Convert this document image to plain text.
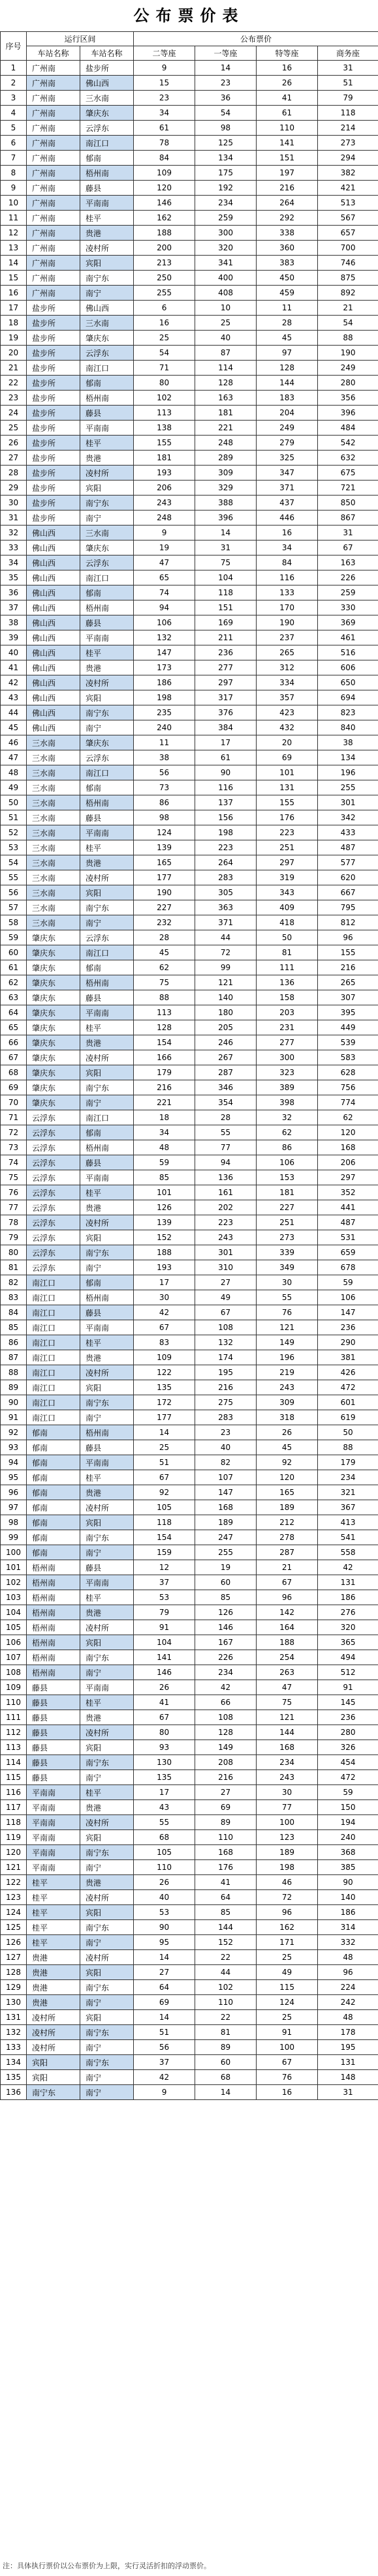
公布票价表
序号	运行区间		公布票价			
	车站名称	车站名称	二等座	一等座	特等座	商务座
1	广州南	盐步所	9	14	16	31
2	广州南	佛山西	15	23	26	51
3	广州南	三水南	23	36	41	79
4	广州南	肇庆东	34	54	61	118
5	广州南	云浮东	61	98	110	214
6	广州南	南江口	78	125	141	273
7	广州南	郁南	84	134	151	294
8	广州南	梧州南	109	175	197	382
9	广州南	藤县	120	192	216	421
10	广州南	平南南	146	234	264	513
11	广州南	桂平	162	259	292	567
12	广州南	贵港	188	300	338	657
13	广州南	凌村所	200	320	360	700
14	广州南	宾阳	213	341	383	746
15	广州南	南宁东	250	400	450	875
16	广州南	南宁	255	408	459	892
17	盐步所	佛山西	6	10	11	21
18	盐步所	三水南	16	25	28	54
19	盐步所	肇庆东	25	40	45	88
20	盐步所	云浮东	54	87	97	190
21	盐步所	南江口	71	114	128	249
22	盐步所	郁南	80	128	144	280
23	盐步所	梧州南	102	163	183	356
24	盐步所	藤县	113	181	204	396
25	盐步所	平南南	138	221	249	484
26	盐步所	桂平	155	248	279	542
27	盐步所	贵港	181	289	325	632
28	盐步所	凌村所	193	309	347	675
29	盐步所	宾阳	206	329	371	721
30	盐步所	南宁东	243	388	437	850
31	盐步所	南宁	248	396	446	867
32	佛山西	三水南	9	14	16	31
33	佛山西	肇庆东	19	31	34	67
34	佛山西	云浮东	47	75	84	163
35	佛山西	南江口	65	104	116	226
36	佛山西	郁南	74	118	133	259
37	佛山西	梧州南	94	151	170	330
38	佛山西	藤县	106	169	190	369
39	佛山西	平南南	132	211	237	461
40	佛山西	桂平	147	236	265	516
41	佛山西	贵港	173	277	312	606
42	佛山西	凌村所	186	297	334	650
43	佛山西	宾阳	198	317	357	694
44	佛山西	南宁东	235	376	423	823
45	佛山西	南宁	240	384	432	840
46	三水南	肇庆东	11	17	20	38
47	三水南	云浮东	38	61	69	134
48	三水南	南江口	56	90	101	196
49	三水南	郁南	73	116	131	255
50	三水南	梧州南	86	137	155	301
51	三水南	藤县	98	156	176	342
52	三水南	平南南	124	198	223	433
53	三水南	桂平	139	223	251	487
54	三水南	贵港	165	264	297	577
55	三水南	凌村所	177	283	319	620
56	三水南	宾阳	190	305	343	667
57	三水南	南宁东	227	363	409	795
58	三水南	南宁	232	371	418	812
59	肇庆东	云浮东	28	44	50	96
60	肇庆东	南江口	45	72	81	155
61	肇庆东	郁南	62	99	111	216
62	肇庆东	梧州南	75	121	136	265
63	肇庆东	藤县	88	140	158	307
64	肇庆东	平南南	113	180	203	395
65	肇庆东	桂平	128	205	231	449
66	肇庆东	贵港	154	246	277	539
67	肇庆东	凌村所	166	267	300	583
68	肇庆东	宾阳	179	287	323	628
69	肇庆东	南宁东	216	346	389	756
70	肇庆东	南宁	221	354	398	774
71	云浮东	南江口	18	28	32	62
72	云浮东	郁南	34	55	62	120
73	云浮东	梧州南	48	77	86	168
74	云浮东	藤县	59	94	106	206
75	云浮东	平南南	85	136	153	297
76	云浮东	桂平	101	161	181	352
77	云浮东	贵港	126	202	227	441
78	云浮东	凌村所	139	223	251	487
79	云浮东	宾阳	152	243	273	531
80	云浮东	南宁东	188	301	339	659
81	云浮东	南宁	193	310	349	678
82	南江口	郁南	17	27	30	59
83	南江口	梧州南	30	49	55	106
84	南江口	藤县	42	67	76	147
85	南江口	平南南	67	108	121	236
86	南江口	桂平	83	132	149	290
87	南江口	贵港	109	174	196	381
88	南江口	凌村所	122	195	219	426
89	南江口	宾阳	135	216	243	472
90	南江口	南宁东	172	275	309	601
91	南江口	南宁	177	283	318	619
92	郁南	梧州南	14	23	26	50
93	郁南	藤县	25	40	45	88
94	郁南	平南南	51	82	92	179
95	郁南	桂平	67	107	120	234
96	郁南	贵港	92	147	165	321
97	郁南	凌村所	105	168	189	367
98	郁南	宾阳	118	189	212	413
99	郁南	南宁东	154	247	278	541
100	郁南	南宁	159	255	287	558
101	梧州南	藤县	12	19	21	42
102	梧州南	平南南	37	60	67	131
103	梧州南	桂平	53	85	96	186
104	梧州南	贵港	79	126	142	276
105	梧州南	凌村所	91	146	164	320
106	梧州南	宾阳	104	167	188	365
107	梧州南	南宁东	141	226	254	494
108	梧州南	南宁	146	234	263	512
109	藤县	平南南	26	42	47	91
110	藤县	桂平	41	66	75	145
111	藤县	贵港	67	108	121	236
112	藤县	凌村所	80	128	144	280
113	藤县	宾阳	93	149	168	326
114	藤县	南宁东	130	208	234	454
115	藤县	南宁	135	216	243	472
116	平南南	桂平	17	27	30	59
117	平南南	贵港	43	69	77	150
118	平南南	凌村所	55	89	100	194
119	平南南	宾阳	68	110	123	240
120	平南南	南宁东	105	168	189	368
121	平南南	南宁	110	176	198	385
122	桂平	贵港	26	41	46	90
123	桂平	凌村所	40	64	72	140
124	桂平	宾阳	53	85	96	186
125	桂平	南宁东	90	144	162	314
126	桂平	南宁	95	152	171	332
127	贵港	凌村所	14	22	25	48
128	贵港	宾阳	27	44	49	96
129	贵港	南宁东	64	102	115	224
130	贵港	南宁	69	110	124	242
131	凌村所	宾阳	14	22	25	48
132	凌村所	南宁东	51	81	91	178
133	凌村所	南宁	56	89	100	195
134	宾阳	南宁东	37	60	67	131
135	宾阳	南宁	42	68	76	148
136	南宁东	南宁	9	14	16	31
注：具体执行票价以公布票价为上限，实行灵活折扣的浮动票价。
